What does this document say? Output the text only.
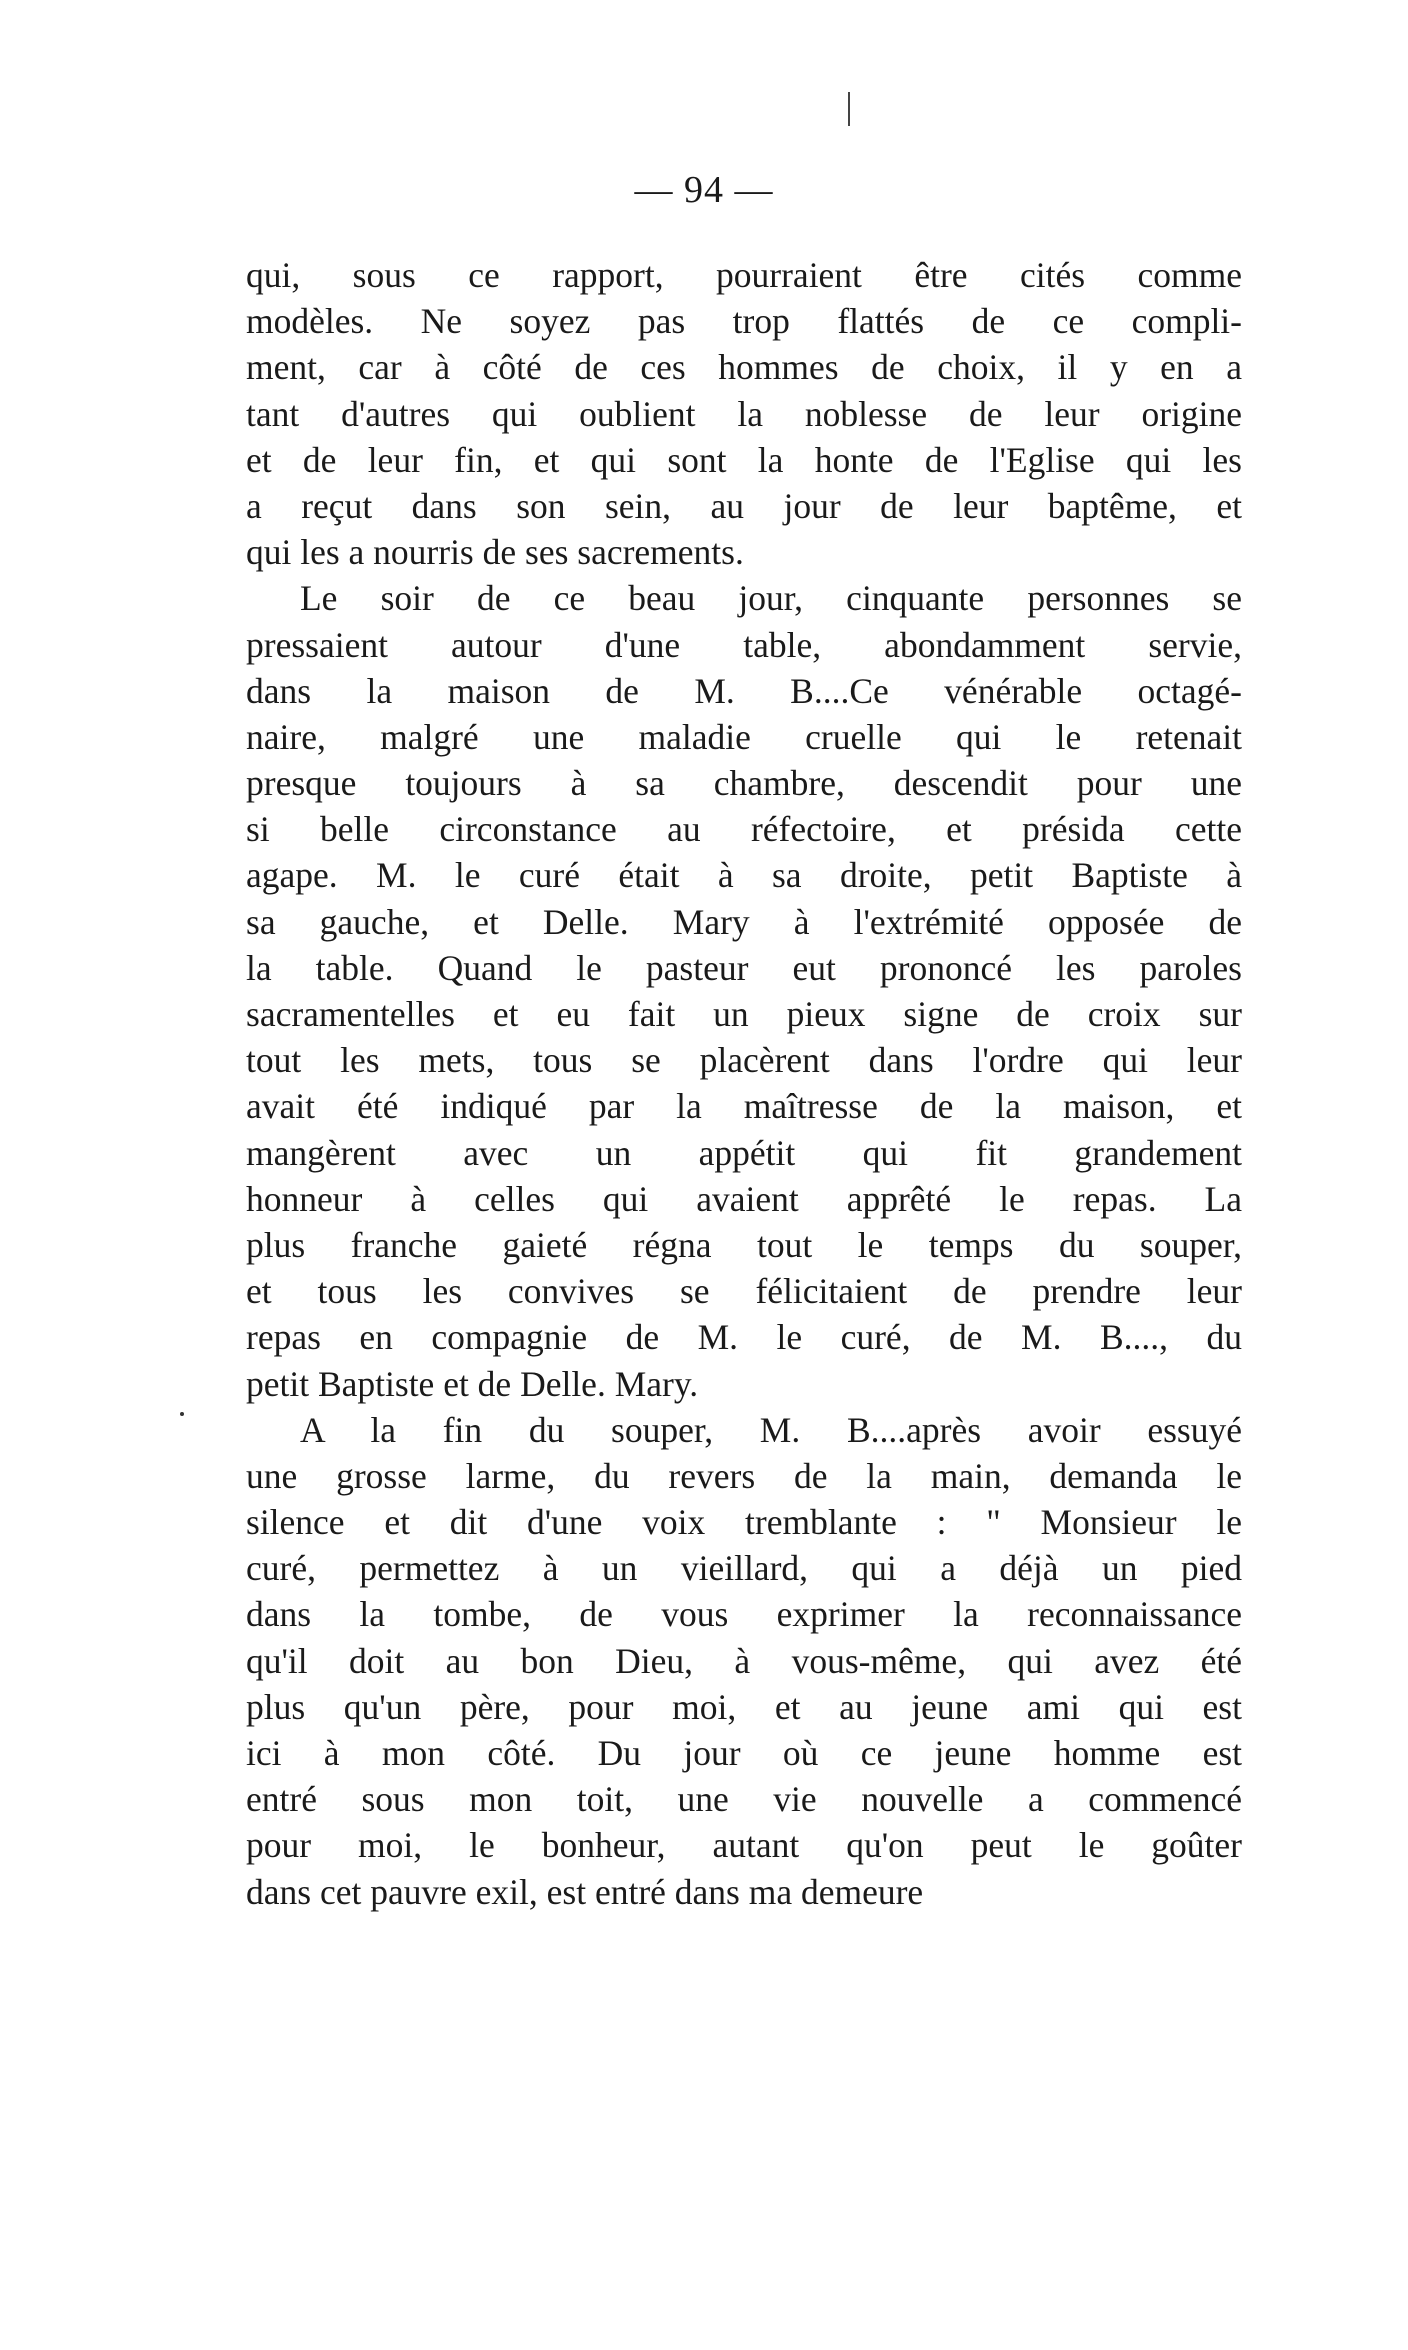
— 94 —
qui, sous ce rapport, pourraient être cités comme
modèles. Ne soyez pas trop flattés de ce compli-
ment, car à côté de ces hommes de choix, il y en a
tant d'autres qui oublient la noblesse de leur origine
et de leur fin, et qui sont la honte de l'Eglise qui les
a reçut dans son sein, au jour de leur baptême, et
qui les a nourris de ses sacrements.
Le soir de ce beau jour, cinquante personnes se
pressaient autour d'une table, abondamment servie,
dans la maison de M. B....Ce vénérable octagé-
naire, malgré une maladie cruelle qui le retenait
presque toujours à sa chambre, descendit pour une
si belle circonstance au réfectoire, et présida cette
agape. M. le curé était à sa droite, petit Baptiste à
sa gauche, et Delle. Mary à l'extrémité opposée de
la table. Quand le pasteur eut prononcé les paroles
sacramentelles et eu fait un pieux signe de croix sur
tout les mets, tous se placèrent dans l'ordre qui leur
avait été indiqué par la maîtresse de la maison, et
mangèrent avec un appétit qui fit grandement
honneur à celles qui avaient apprêté le repas. La
plus franche gaieté régna tout le temps du souper,
et tous les convives se félicitaient de prendre leur
repas en compagnie de M. le curé, de M. B...., du
petit Baptiste et de Delle. Mary.
A la fin du souper, M. B....après avoir essuyé
une grosse larme, du revers de la main, demanda le
silence et dit d'une voix tremblante : " Monsieur le
curé, permettez à un vieillard, qui a déjà un pied
dans la tombe, de vous exprimer la reconnaissance
qu'il doit au bon Dieu, à vous-même, qui avez été
plus qu'un père, pour moi, et au jeune ami qui est
ici à mon côté. Du jour où ce jeune homme est
entré sous mon toit, une vie nouvelle a commencé
pour moi, le bonheur, autant qu'on peut le goûter
dans cet pauvre exil, est entré dans ma demeure
